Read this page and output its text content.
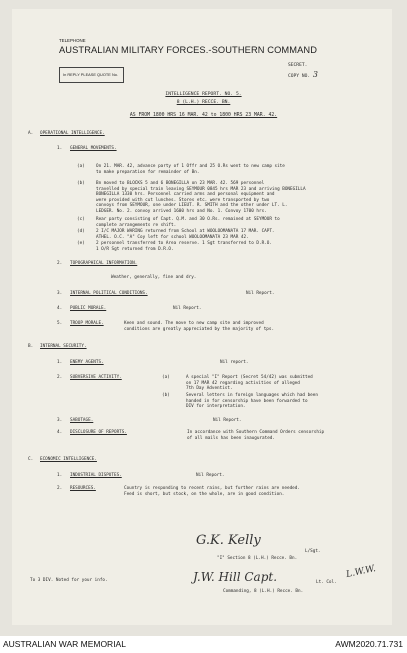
TELEPHONE
AUSTRALIAN MILITARY FORCES.-SOUTHERN COMMAND
In REPLY PLEASE QUOTE No.
SECRET.
COPY NO. 3
INTELLIGENCE REPORT. NO. 5.
8 (L.H.) RECCE. BN.
AS FROM 1800 HRS 16 MAR. 42 to 1800 HRS 23 MAR. 42.
A. OPERATIONAL INTELLIGENCE.
1. GENERAL MOVEMENTS.
(a)	On 21. MAR. 42, advance party of 1 Offr and 25 O.Rs went to new camp site
to make preparation for remainder of Bn.
(b)	Bn moved to BLOCKS 5 and 6 BONEGILLA on 23 MAR. 42. 569 personnel
travelled by special train leaving SEYMOUR 0845 hrs MAR 23 and arriving BONEGILLA
BONEGILLA 1330 hrs. Personnel carried arms and personal equipment and
were provided with cut lunches. Stores etc. were transported by two
convoys from SEYMOUR, one under LIEUT. R. SMITH and the other under LT. L.
LEDGER. No. 2. convoy arrived 1600 hrs and No. 1. Convoy 1700 hrs.
(c)	Rear party consisting of Capt. Q.M. and 30 O.Rs. remained at SEYMOUR to
complete arrangements re shift.
(d)	2 I/C MAJOR WARING returned from School at WOOLOOMANATA 17 MAR. CAPT.
ATHEL. O.C. "A" Coy left for school WOOLOOMANATA 23 MAR 42.
(e)	2 personnel transferred to Area reserve. 1 Sgt transferred to D.R.O.
1 O/R Sgt returned from D.R.O.
2. TOPOGRAPHICAL INFORMATION.
Weather, generally, fine and dry.
3. INTERNAL POLITICAL CONDITIONS.	Nil Report.
4. PUBLIC MORALE.	Nil Report.
5. TROOP MORALE.	Keen and sound. The move to new camp site and improved
conditions are greatly appreciated by the majority of tps.
B. INTERNAL SECURITY.
1. ENEMY AGENTS.	Nil report.
2. SUBVERSIVE ACTIVITY.	(a)	A special "I" Report (Secret 54/42) was submitted
on 17 MAR 42 regarding activities of alleged
7th Day Adventist.
(b)	Several letters in foreign languages which had been
handed in for censorship have been forwarded to
DIV for interpretation.
3. SABOTAGE.	Nil Report.
4. DISCLOSURE OF REPORTS.	In accordance with Southern Command Orders censorship
of all mails has been inaugurated.
C. ECONOMIC INTELLIGENCE.
1. INDUSTRIAL DISPUTES.	Nil Report.
2. RESOURCES.	Country is responding to recent rains, but further rains are needed.
Feed is short, but stock, on the whole, are in good condition.
G.K. Kelly
L/Sgt.
"I" Section 8 (L.H.) Recce. Bn.
J.W. Hill Capt.	Lt. Col.
Commanding, 8 (L.H.) Recce. Bn.
L.W.W.
To 3 DIV. Noted for your info.
AUSTRALIAN WAR MEMORIAL	AWM2020.71.731
